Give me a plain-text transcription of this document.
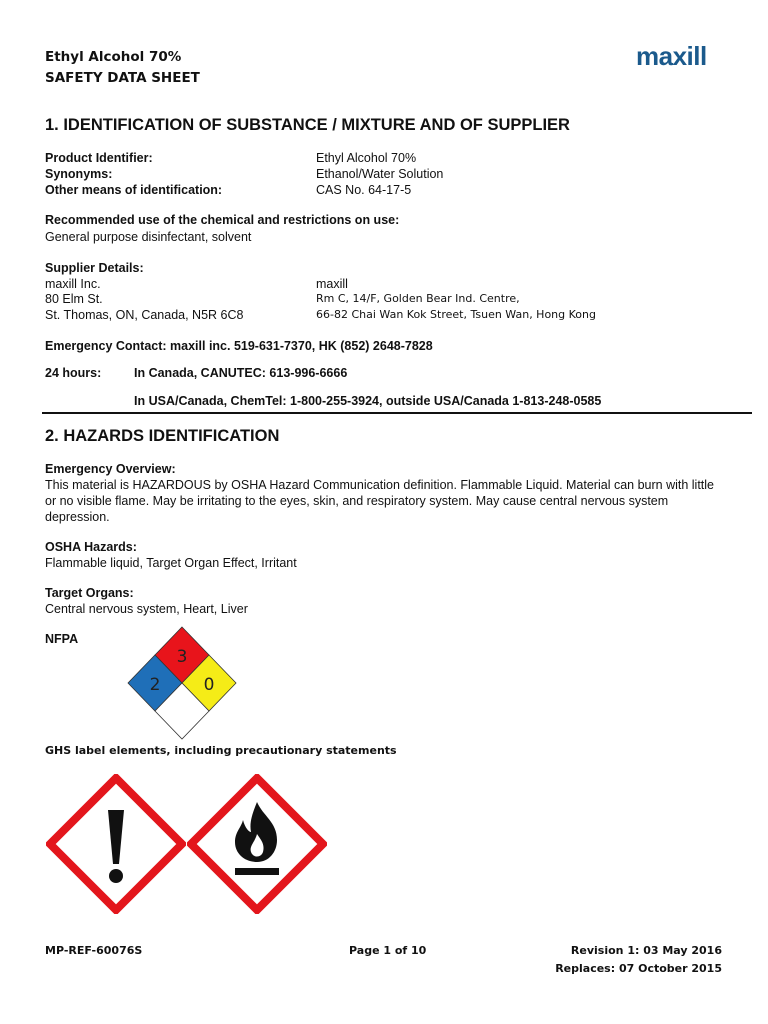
Ethyl Alcohol 70%
SAFETY DATA SHEET
maxill
1. IDENTIFICATION OF SUBSTANCE / MIXTURE AND OF SUPPLIER
Product Identifier:	Ethyl Alcohol 70%
Synonyms:	Ethanol/Water Solution
Other means of identification:	CAS No. 64-17-5
Recommended use of the chemical and restrictions on use:
General purpose disinfectant, solvent
Supplier Details:
maxill Inc.
80 Elm St.
St. Thomas, ON, Canada, N5R 6C8
maxill
Rm C, 14/F, Golden Bear Ind. Centre,
66-82 Chai Wan Kok Street, Tsuen Wan, Hong Kong
Emergency Contact: maxill inc. 519-631-7370, HK (852) 2648-7828
24 hours:	In Canada, CANUTEC: 613-996-6666
In USA/Canada, ChemTel: 1-800-255-3924, outside USA/Canada 1-813-248-0585
2. HAZARDS IDENTIFICATION
Emergency Overview:
This material is HAZARDOUS by OSHA Hazard Communication definition. Flammable Liquid. Material can burn with little or no visible flame. May be irritating to the eyes, skin, and respiratory system. May cause central nervous system depression.
OSHA Hazards:
Flammable liquid, Target Organ Effect, Irritant
Target Organs:
Central nervous system, Heart, Liver
NFPA
3
2	0
GHS label elements, including precautionary statements
MP-REF-60076S	Page 1 of 10	Revision 1: 03 May 2016
Replaces: 07 October 2015
